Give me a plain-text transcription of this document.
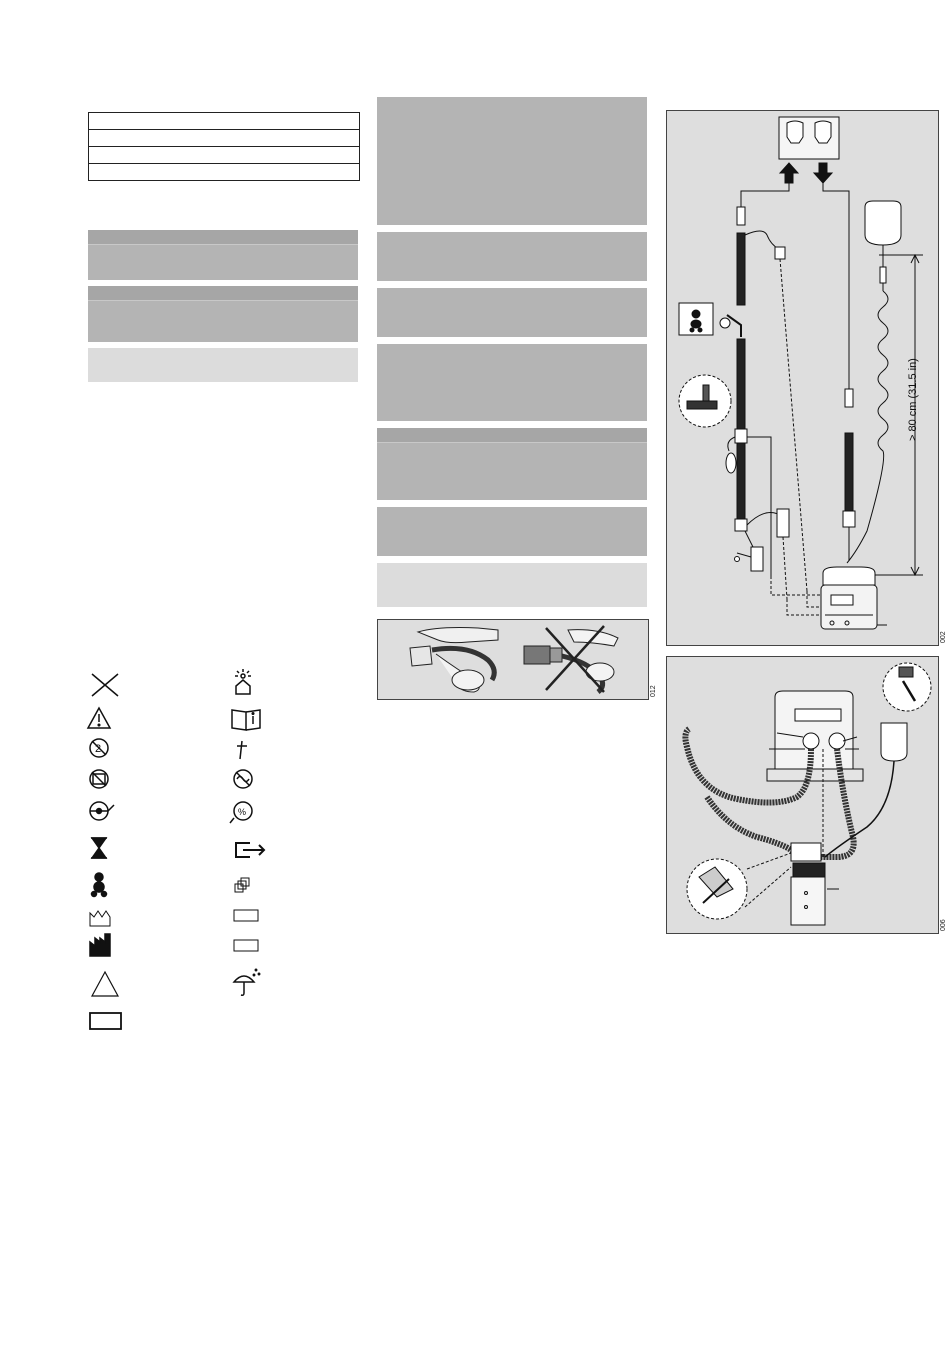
2
%
012
> 80 cm (31.5 in)
002
006
